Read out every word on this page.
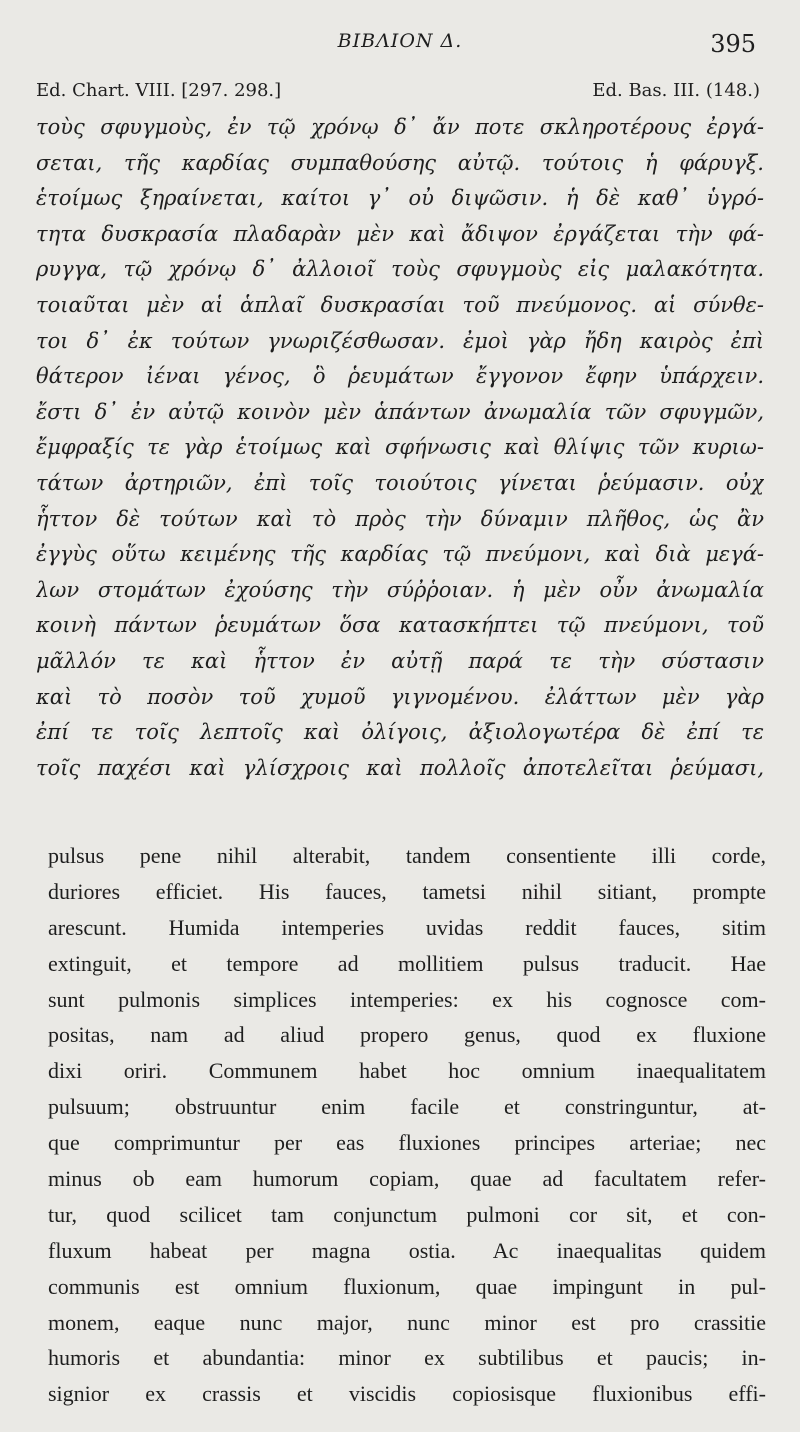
ΒΙΒΛΙΟΝ Δ.	395
Ed. Chart. VIII. [297. 298.]	Ed. Bas. III. (148.)
τοὺς σφυγμοὺς, ἐν τῷ χρόνῳ δ᾽ ἄν ποτε σκληροτέρους ἐργά-
σεται, τῆς καρδίας συμπαθούσης αὐτῷ. τούτοις ἡ φάρυγξ.
ἑτοίμως ξηραίνεται, καίτοι γ᾽ οὐ διψῶσιν. ἡ δὲ καθ᾽ ὑγρό-
τητα δυσκρασία πλαδαρὰν μὲν καὶ ἄδιψον ἐργάζεται τὴν φά-
ρυγγα, τῷ χρόνῳ δ᾽ ἀλλοιοῖ τοὺς σφυγμοὺς εἰς μαλακότητα.
τοιαῦται μὲν αἱ ἁπλαῖ δυσκρασίαι τοῦ πνεύμονος. αἱ σύνθε-
τοι δ᾽ ἐκ τούτων γνωριζέσθωσαν. ἐμοὶ γὰρ ἤδη καιρὸς ἐπὶ
θάτερον ἰέναι γένος, ὃ ῥευμάτων ἔγγονον ἔφην ὑπάρχειν.
ἔστι δ᾽ ἐν αὐτῷ κοινὸν μὲν ἁπάντων ἀνωμαλία τῶν σφυγμῶν,
ἔμφραξίς τε γὰρ ἑτοίμως καὶ σφήνωσις καὶ θλίψις τῶν κυριω-
τάτων ἀρτηριῶν, ἐπὶ τοῖς τοιούτοις γίνεται ῥεύμασιν. οὐχ
ἧττον δὲ τούτων καὶ τὸ πρὸς τὴν δύναμιν πλῆθος, ὡς ἂν
ἐγγὺς οὕτω κειμένης τῆς καρδίας τῷ πνεύμονι, καὶ διὰ μεγά-
λων στομάτων ἐχούσης τὴν σύῤῥοιαν. ἡ μὲν οὖν ἀνωμαλία
κοινὴ πάντων ῥευμάτων ὅσα κατασκήπτει τῷ πνεύμονι, τοῦ
μᾶλλόν τε καὶ ἧττον ἐν αὐτῇ παρά τε τὴν σύστασιν
καὶ τὸ ποσὸν τοῦ χυμοῦ γιγνομένου. ἐλάττων μὲν γὰρ
ἐπί τε τοῖς λεπτοῖς καὶ ὀλίγοις, ἀξιολογωτέρα δὲ ἐπί τε
τοῖς παχέσι καὶ γλίσχροις καὶ πολλοῖς ἀποτελεῖται ῥεύμασι,
pulsus pene nihil alterabit, tandem consentiente illi corde,
duriores efficiet. His fauces, tametsi nihil sitiant, prompte
arescunt. Humida intemperies uvidas reddit fauces, sitim
extinguit, et tempore ad mollitiem pulsus traducit. Hae
sunt pulmonis simplices intemperies: ex his cognosce com-
positas, nam ad aliud propero genus, quod ex fluxione
dixi oriri. Communem habet hoc omnium inaequalitatem
pulsuum; obstruuntur enim facile et constringuntur, at-
que comprimuntur per eas fluxiones principes arteriae; nec
minus ob eam humorum copiam, quae ad facultatem refer-
tur, quod scilicet tam conjunctum pulmoni cor sit, et con-
fluxum habeat per magna ostia. Ac inaequalitas quidem
communis est omnium fluxionum, quae impingunt in pul-
monem, eaque nunc major, nunc minor est pro crassitie
humoris et abundantia: minor ex subtilibus et paucis; in-
signior ex crassis et viscidis copiosisque fluxionibus effi-
